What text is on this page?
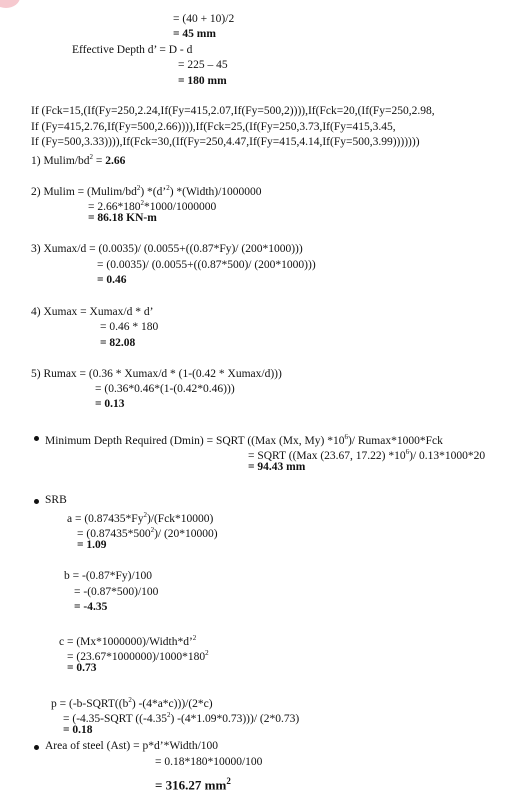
= (40 + 10)/2
= 45 mm
Effective Depth d’ = D - d
= 225 – 45
= 180 mm
If (Fck=15,(If(Fy=250,2.24,If(Fy=415,2.07,If(Fy=500,2)))),If(Fck=20,(If(Fy=250,2.98,
If (Fy=415,2.76,If(Fy=500,2.66)))),If(Fck=25,(If(Fy=250,3.73,If(Fy=415,3.45,
If (Fy=500,3.33)))),If(Fck=30,(If(Fy=250,4.47,If(Fy=415,4.14,If(Fy=500,3.99)))))))
1) Mulim/$bd^2 = 2.66$
2) $Mulim = (Mulim/bd^2)$ *(d’$^2$) *(Width)/1000000
= $2.66*180^2*1000/1000000$
= 86.18 KN-m
3) Xumax/d = (0.0035)/ (0.0055+((0.87*Fy)/ (200*1000)))
= (0.0035)/ (0.0055+((0.87*500)/ (200*1000)))
= 0.46
4) Xumax = Xumax/d * d’
= 0.46 * 180
= 82.08
5) Rumax = (0.36 * Xumax/d * (1-(0.42 * Xumax/d)))
= (0.36*0.46*(1-(0.42*0.46)))
= 0.13
Minimum Depth Required (Dmin) = SQRT ((Max (Mx, My) $*10^6)/$ Rumax*1000*Fck
= SQRT ((Max (23.67, 17.22) $*10^6)/$ 0.13*1000*20
= 94.43 mm
SRB
$a = (0.87435*Fy^2)/(Fck*10000)$
= $(0.87435*500^2)/$ (20*10000)
= 1.09
b = -(0.87*Fy)/100
= -(0.87*500)/100
= -4.35
c = (Mx*1000000)/Width*d’$^2$
= $(23.67*1000000)/1000*180^2$
= 0.73
$p = (-b-SQRT((b^2)$ -(4*a*c)))/(2*c)
= (-4.35-SQRT ((-4.35$^2$) -(4*1.09*0.73)))/ (2*0.73)
= 0.18
Area of steel (Ast) = p*d’*Width/100
= 0.18*180*10000/100
= 316.27 $mm^2$
